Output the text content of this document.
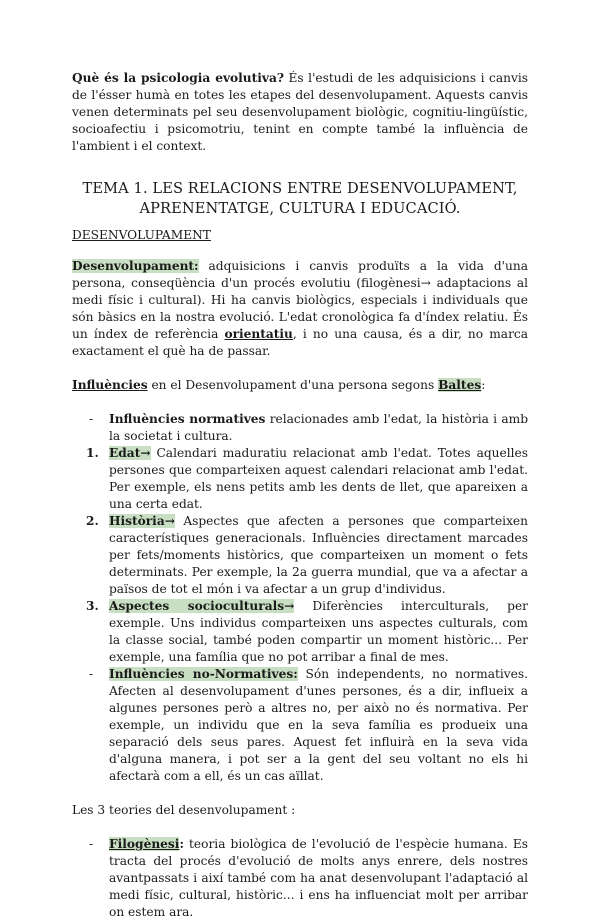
Què és la psicologia evolutiva? És l'estudi de les adquisicions i canvis de l'ésser humà en totes les etapes del desenvolupament. Aquests canvis venen determinats pel seu desenvolupament biològic, cognitiu-lingüístic, socioafectiu i psicomotriu, tenint en compte també la influència de l'ambient i el context.

TEMA 1. LES RELACIONS ENTRE DESENVOLUPAMENT, APRENENTATGE, CULTURA I EDUCACIÓ.

DESENVOLUPAMENT

Desenvolupament: adquisicions i canvis produïts a la vida d'una persona, conseqüència d'un procés evolutiu (filogènesi→ adaptacions al medi físic i cultural). Hi ha canvis biològics, especials i individuals que són bàsics en la nostra evolució. L'edat cronològica fa d'índex relatiu. És un índex de referència orientatiu, i no una causa, és a dir, no marca exactament el què ha de passar.

Influències en el Desenvolupament d'una persona segons Baltes:

- Influències normatives relacionades amb l'edat, la història i amb la societat i cultura.
1. Edat→ Calendari maduratiu relacionat amb l'edat. Totes aquelles persones que comparteixen aquest calendari relacionat amb l'edat. Per exemple, els nens petits amb les dents de llet, que apareixen a una certa edat.
2. Història→ Aspectes que afecten a persones que comparteixen característiques generacionals. Influències directament marcades per fets/moments històrics, que comparteixen un moment o fets determinats. Per exemple, la 2a guerra mundial, que va a afectar a països de tot el món i va afectar a un grup d'individus.
3. Aspectes socioculturals→ Diferències interculturals, per exemple. Uns individus comparteixen uns aspectes culturals, com la classe social, també poden compartir un moment històric... Per exemple, una família que no pot arribar a final de mes.
- Influències no-Normatives: Són independents, no normatives. Afecten al desenvolupament d'unes persones, és a dir, influeix a algunes persones però a altres no, per això no és normativa. Per exemple, un individu que en la seva família es produeix una separació dels seus pares. Aquest fet influirà en la seva vida d'alguna manera, i pot ser a la gent del seu voltant no els hi afectarà com a ell, és un cas aïllat.

Les 3 teories del desenvolupament :

- Filogènesi: teoria biològica de l'evolució de l'espècie humana. Es tracta del procés d'evolució de molts anys enrere, dels nostres avantpassats i així també com ha anat desenvolupant l'adaptació al medi físic, cultural, històric... i ens ha influenciat molt per arribar on estem ara.
